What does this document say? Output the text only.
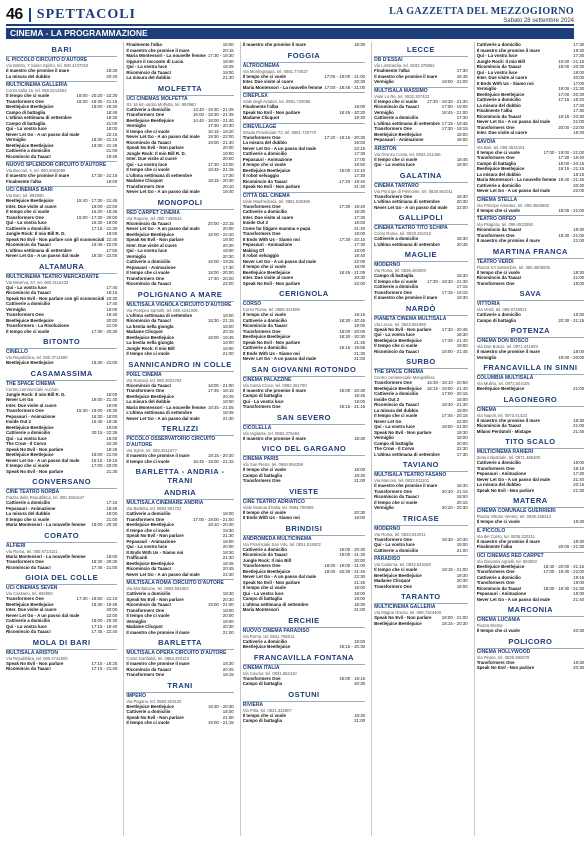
46 SPETTACOLI	LA GAZZETTA DEL MEZZOGIORNO
Sabato 28 settembre 2024
CINEMA - LA PROGRAMMAZIONE
BARI
IL PICCOLO CIRCUITO D'AUTORE
Via Bitritto, 7 Santo Spirito, tel. 080.4137018
Il maestro che promise il mare	18:30
La misura del dubbio	20:40
MULTICINEMA GALLERIA
Corso Italia 15, tel. 080.5214563
Il tempo che ci vuole	18:00 - 20:20 - 22:30
Transformers One	18:30 - 19:30 - 21:15
Beetlejuice Beetlejuice	18:00 - 20:30
Campo di battaglia	18:45
L'ultima settimana di settembre	18:30
Campo di battaglia	21:00
Qui - La vostra luce	18:00
Never Let Go - A un passo dal male	22:15
Vermiglio	18:30 - 21:15
Beetlejuice Beetlejuice	19:30 - 21:45
Cattiverie a domicilio	21:00
Ricomincio da Taaac!	19:45
NUOVO SPLENDOR CIRCUITO D'AUTORE
Via Buccari, 4, tel. 080.5583098
Il maestro che promise il mare	17:30 - 21:15
Finalmente l'alba	19:00
UCI CINEMAS BARI
Via Bari, tel. 892960
Beetlejuice Beetlejuice	15:40 - 17:30 - 21:45
Inter. Due visite al cuore	18:00 - 22:00
Il tempo che ci vuole	16:20 - 18:45
Transformers One	15:00 - 17:30 - 20:00
Qui - La vostra luce	16:30 - 19:00
Cattiverie a domicilio	17:15 - 21:30
Jungle Rock: Il mio Bill R. D.	19:00
Speak No Evil - Non parlare con gli sconosciuti 22:45
Ricomincio da Taaac!	19:45 - 22:00
L'ultima settimana di settembre	17:50
Never Let Go - A un passo dal male	19:30 - 22:00
ALTAMURA
MULTICINEMA TEATRO MERCADANTE
Via Minerva, 67, tel. 080.3115433
Qui - La vostra luce	17:40
Ricomincio da Taaac!	18:15
Speak No Evil - Non parlare con gli sconosciuti 20:30
Cattiverie a domicilio	17:40
Vermiglio	18:00
Transformers One	18:40
Beetlejuice Beetlejuice	20:00
Transformers - La Rivoluzione	21:00
Il tempo che ci vuole	17:30 - 20:30
BITONTO
CINELLO
Via Repubblica, tel. 080.3714680
Beetlejuice Beetlejuice	18:30 - 21:00
CASAMASSIMA
THE SPACE CINEMA
Centro commerciale Auchan
Jungle Rock: Il mio Bill R. D.	18:00
Never Let Go	19:00 - 21:40
Inter. Due visite al cuore	19:00
Transformers One	15:30 - 18:00 - 20:30
Pepasauri - Animazione	16:30 - 18:00
Inside Out 2	16:45 - 18:35
Beetlejuice Beetlejuice	19:00
Cattiverie a domicilio	20:15 - 22:35
Qui - La vostra luce	18:00
The Crow - Il Corvo	22:30
Speak No Evil - Non parlare	19:45
Beetlejuice Beetlejuice	18:00 - 21:00
Never Let Go - A un passo dal male	16:15 - 19:15
Il tempo che ci vuole	17:00 - 20:00
Speak No Evil - Non parlare	21:30
CONVERSANO
CINE TEATRO NORBA
Piazza della Repubblica, tel. 080.4951647
Cattiverie a domicilio	17:15
Pepasauri - Animazione	18:45
La misura del dubbio	19:00
Il tempo che ci vuole	21:00
Maria Montessori - La nouvelle femme	18:00 - 20:30
CORATO
ALFIERI
Via Roma, tel. 080.8723141
Maria Montessori - La nouvelle femme	18:00
Transformers One	18:30 - 20:30
Ricomincio da Taaac!	17:45 - 21:00
GIOIA DEL COLLE
UCI CINEMAS SEVEN
Via Cassano, tel. 892960
Transformers One	17:30 - 18:50 - 21:10
Beetlejuice Beetlejuice	18:30 - 19:45
Inter. Due visite al cuore	20:00
Never Let Go - A un passo dal male	22:00
Cattiverie a domicilio	18:00 - 20:30
Qui - La vostra luce	17:15 - 19:40
Ricomincio da Taaac!	17:45 - 22:40
MOLA DI BARI
MULTISALA ARISTON
Via Repubblica, tel. 080.4741600
Speak No Evil - Non parlare	17:15 - 19:25
Ricomincio da Taaac!	17:15 - 21:40
Finalmente l'alba	18:00
Il maestro che promise il mare	20:15
Maria Montessori - La nouvelle femme 17:30 - 19:30
Oppure il racconto di Lucia	18:00
Qui - La vostra luce	19:25
Ricomincio da Taaac!	19:00
La misura del dubbio	21:30
MOLFETTA
UCI CINEMAS MOLFETTA
SS 16 km uscita Molfetta, tel. 892960
Cattiverie a domicilio	14:40 - 19:30 - 21:45
Transformers One	16:00 - 18:30 - 21:45
Beetlejuice Beetlejuice	14:40 - 18:00 - 21:40
Vermiglio	17:30 - 20:30
Il tempo che ci vuole	16:15 - 18:20
Never Let Go - A un passo dal male	19:30 - 22:00
Ricomincio da Taaac!	19:00 - 21:40
Speak No Evil - Non parlare	20:00
Jungle Rock: Il mio Bill R. D.	19:00
Inter. Due visite al cuore	20:00
Qui - La vostra luce	17:30 - 22:00
Il tempo che ci vuole	18:45 - 21:15
L'ultima settimana di settembre	17:30
Madame Clicquot	18:15 - 20:30
Transformers One	20:10
Never Let Go - A un passo dal male	19:40
MONOPOLI
RED CARPET CINEMA
Via Rapone, tel. 080.7456544
Ricomincio da Taaac!	20:00 - 22:15
Never Let Go - A un passo dal male	20:00
Beetlejuice Beetlejuice	18:00 - 22:40
Speak No Evil - Non parlare	19:00
Inter. Due visite al cuore	20:30
Qui - La vostra luce	19:00
Vermiglio	20:30
Cattiverie a domicilio	18:00 - 19:25
Pepasauri - Animazione	17:30
Il tempo che ci vuole	18:00 - 20:00
Transformers One	17:40 - 20:20
Ricomincio da Taaac!	22:00
POLIGNANO A MARE
MULTISALA VIGNOLA CIRCUITO D'AUTORE
Via Pompeo Sarnelli, tel. 080.4241006
L'ultima settimana di settembre	18:00
Ricomincio da Taaac!	18:30 - 21:15
La bestia nella giungla	18:00
Madame Clicquot	20:15
Beetlejuice Beetlejuice	18:00 - 19:45
La bestia nella giungla	18:00
Jungle Rock: Il mio Bill	19:00
Il tempo che ci vuole	21:00
SANNICANDRO IN COLLE
PIXEL CINEMA
Via Romani, tel. 080.3022783
Ricomincio da Taaac!	18:00 - 21:00
Transformers One	17:45 - 18:15
Beetlejuice Beetlejuice	20:45
La misura del dubbio	18:00
Maria Montessori - La nouvelle femme 18:45 - 21:05
L'ultima settimana di settembre	18:45
Never Let Go - A un passo dal male	21:30
TERLIZZI
PICCOLO OSSERVATORIO CIRCUITO D'AUTORE
Via Sylos, tel. 080.3511677
Il maestro che promise il mare	18:15 - 20:30
Il tempo che ci vuole	16:45 - 19:00 - 21:15
BARLETTA - ANDRIA - TRANI
ANDRIA
MULTISALA CINEMARE ANDRIA
Via Barletta, tel. 0883.591722
Cattiverie a domicilio	18:00
Transformers One	17:00 - 19:00 - 21:00
Beetlejuice Beetlejuice	18:10 - 20:20
Il tempo che ci vuole	19:30
Speak No Evil - Non parlare	21:30
Pepasauri - Animazione	18:00
Qui - La vostra luce	20:00
It Ends With Us - Siamo noi	18:30
Trafficanti	21:30
Beetlejuice Beetlejuice	18:45
Ricomincio da Taaac!	20:45
Never Let Go - A un passo dal male	22:30
MULTISALA ROMA CIRCUITO D'AUTORE
Via Monfalcone, tel. 0883.561902
Cattiverie a domicilio	18:30
Speak No Evil - Non parlare	20:30
Ricomincio da Taaac!	19:00 - 21:00
Transformers One	18:00
Il tempo che ci vuole	20:00
Vermiglio	18:00
Madame Clicquot	20:30
Il maestro che promise il mare	21:00
BARLETTA
MULTISALA OPERA CIRCUITO D'AUTORE
Corso Garibaldi, tel. 0883.330123
Il maestro che promise il mare	18:30
Ricomincio da Taaac!	20:45
Transformers One	18:15
TRANI
IMPERO
Via Pagano, tel. 0883.503120
Beetlejuice Beetlejuice	18:30 - 20:30
Cattiverie a domicilio	18:00
Speak No Evil - Non parlare	21:00
Il tempo che ci vuole	19:00 - 21:15
Il maestro che promise il mare	18:30
FOGGIA
ALTROCINEMA
Via Montegrappa, tel. 0881.774827
Il tempo che ci vuole	17:00 - 19:00 - 21:00
Inter. Due visite al cuore	20:30
Maria Montessori - La nouvelle femme 17:00 - 18:45 - 21:00
CINEPLEX
Viale degli Aviatori, tel. 0881.720065
Finalmente l'alba	18:00
Speak No Evil - Non parlare	18:45 - 20:20
Madame Clicquot	19:20
CINEVILLAGE
Strada Provinciale 73, tel. 0881.720770
Transformers One	17:20 - 18:15 - 20:30
La misura del dubbio	19:00
Never Let Go - A un passo dal male	22:15
Cattiverie a domicilio	17:30
Pepasauri - Animazione	17:00
Il tempo che ci vuole	18:50
Beetlejuice Beetlejuice	18:00 - 22:10
Il robot selvaggio	17:30
Ricomincio da Taaac!	17:20 - 19:40
Speak No Evil - Non parlare	21:40
CITTÀ DEL CINEMA
Viale Manfredonia, tel. 0881.636366
Transformers One	17:30 - 19:40
Cattiverie a domicilio	18:30
Inter. Due visite al cuore	17:30
Inside Out 2	19:00
Come far litigare mamma e papà	21:40
Transformers One	19:00
It Ends With Us - Siamo noi	17:30 - 20:10
Pepasauri - Animazione	17:30
Making Of	18:00
Il robot selvaggio	19:40
Never Let Go - A un passo dal male	22:00
Il tempo che ci vuole	18:00
Beetlejuice Beetlejuice	18:45 - 21:05
Inter. Due visite al cuore	20:30
Speak No Evil - Non parlare	22:00
CERIGNOLA
CORSO
Corso Roma, tel. 0885.421906
Il tempo che ci vuole	18:15
Cattiverie a domicilio	18:30 - 20:45
Ricomincio da Taaac!	19:00
Transformers One	18:00 - 20:00
Beetlejuice Beetlejuice	18:30 - 20:30
Speak No Evil - Non parlare	21:45
Cattiverie a domicilio	18:15 - 19:55
It Ends With Us - Siamo noi	21:30
Never Let Go - A un passo dal male	21:00
SAN GIOVANNI ROTONDO
CINEMA PALAZZINE
Via Santa Croce, tel. 0882.451700
Il maestro che promise il mare	18:00 - 20:30
Campo di battaglia	18:45
Qui - La vostra luce	19:00
Transformers One	18:15 - 21:15
SAN SEVERO
CICOLELLA
Via Vigilante, tel. 0882.375484
Il maestro che promise il mare	18:30
VICO DEL GARGANO
CINEMA PARIS
Via San Pietro, tel. 0884.994359
Il tempo che ci vuole	18:00
Campo di battaglia	19:30
Transformers One	21:00
VIESTE
CINE TEATRO ADRIATICO
Viale Marinai d'Italia, tel. 0884.705955
Il tempo che ci vuole	20:30
It Ends With Us - Siamo noi	18:00
BRINDISI
ANDROMEDA MULTICINEMA
Via Provinciale San Vito, tel. 0831.518002
Cattiverie a domicilio	18:00 - 20:30
Ricomincio da Taaac!	19:00 - 21:30
Jungle Rock: Il mio Bill	20:00
Transformers One	18:00 - 19:00 - 21:00
Beetlejuice Beetlejuice	19:00 - 20:30 - 21:45
Never Let Go - A un passo dal male	22:30
Speak No Evil - Non parlare	21:45
Il tempo che ci vuole	18:00
Qui - La vostra luce	18:00
Campo di battaglia	19:00
L'ultima settimana di settembre	18:30
Maria Montessori	21:00
ERCHIE
NUOVO CINEMA PARADISO
Via Roma, tel. 0831.766614
Cattiverie a domicilio	19:00
Beetlejuice Beetlejuice	18:15 - 20:30
FRANCAVILLA FONTANA
CINEMA ITALIA
Via Cavour, tel. 0831.852410
Transformers One	18:00 - 19:15
Campo di battaglia	20:30
OSTUNI
RIVIERA
Via Pola, tel. 0831.332807
Il tempo che ci vuole	18:30
Campo di battaglia	21:00
LECCE
DB D'ESSAI
Via Lombardia, tel. 0832.378852
Finalmente l'alba	17:30
Il maestro che promise il mare	18:45
Vermiglio	19:00 - 21:00
MULTISALA MASSIMO
Viale Lo Re, tel. 0832.307433
Il tempo che ci vuole	17:30 - 19:30 - 21:30
Ricomincio da Taaac!	17:00 - 19:00
Vermiglio	18:45 - 21:00
Cattiverie a domicilio	17:30
L'ultima settimana di settembre 17:15 - 19:45
Transformers One	17:30 - 19:15
Beetlejuice Beetlejuice	18:00
Pepasauri - Animazione	18:00
ARISTON
Via Oronzo Costa, tel. 0832.241456
Il tempo che ci vuole	18:45
Qui - La vostra luce	19:00
GALATINA
CINEMA TARTARO
Via Principe di Piemonte, tel. 0836.561011
Transformers One	18:30
L'ultima settimana di settembre	20:30
Never Let Go - A un passo dal male	22:00
GALLIPOLI
CINEMA TEATRO TITO SCHIPA
Corso Roma, tel. 0833.261010
Cattiverie a domicilio	18:30
L'ultima settimana di settembre	20:45
MAGLIE
MODERNO
Via Roma, tel. 0836.484000
Campo di battaglia	18:30
Il tempo che ci vuole	17:30 - 19:30 - 21:30
Cattiverie a domicilio	17:15
Transformers One	17:15 - 19:15
Il maestro che promise il mare	19:30
NARDÒ
PIANETA CINEMA MULTISALA
Via Lecce, tel. 0833.561960
Speak No Evil - Non parlare	17:30 - 20:45
Qui - La vostra luce	18:30
Beetlejuice Beetlejuice	17:45 - 21:40
Il tempo che ci vuole	19:00
Ricomincio da Taaac!	19:00 - 21:45
SURBO
THE SPACE CINEMA
Centro commerciale Mongolfiera
Transformers One	15:30 - 18:10 - 20:50
Beetlejuice Beetlejuice	16:15 - 19:00 - 21:40
Cattiverie a domicilio	17:00 - 20:15
Inside Out 2	16:00
Ricomincio da Taaac!	18:40 - 21:30
La misura del dubbio	19:00
Il tempo che ci vuole	17:45 - 20:15
Never Let Go	22:00
Qui - La vostra luce	18:00 - 21:00
Speak No Evil - Non parlare	19:30
Vermiglio	18:00
Campo di battaglia	20:00
The Crow - Il Corvo	22:30
L'ultima settimana di settembre	17:30
TAVIANO
MULTISALA TEATRO FASANO
Via Marconi, tel. 0833.911102
Il maestro che promise il mare	18:30
Transformers One	20:40 - 21:15
Ricomincio da Taaac!	18:00
Il tempo che ci vuole	20:15
Vermiglio	20:20 - 20:30
TRICASE
MODERNO
Via Roma, tel. 0833.544011
Transformers One	18:30 - 20:30
Qui - La vostra luce	19:00
Cattiverie a domicilio	21:00
PARADISO
Via Cadorna, tel. 0833.543268
Il tempo che ci vuole	18:15 - 21:00
Beetlejuice Beetlejuice	19:30
Madame Clicquot	20:30
Transformers One	18:00
TARANTO
MULTICINEMA GALLERIA
Via Magna Grecia, tel. 099.7324400
Speak No Evil - Non parlare	18:00 - 21:00
Beetlejuice Beetlejuice	18:15 - 20:30
Cattiverie a domicilio	17:30
Il maestro che promise il mare	19:30
Qui - La vostra luce	17:30
Jungle Rock: Il mio Bill	16:00 - 21:15
Ricomincio da Taaac!	18:00 - 20:30
Qui - La vostra luce	19:00
Inter. Due visite al cuore	20:00
It Ends With Us - Siamo noi	17:00
Vermiglio	19:00 - 21:30
Beetlejuice Beetlejuice	17:00 - 20:30
Cattiverie a domicilio	17:15 - 19:20
La misura del dubbio	17:20
Finalmente l'alba	17:30
Ricomincio da Taaac!	18:15 - 20:30
Never Let Go - A un passo dal male	21:00
Transformers One	20:00 - 22:00
Inter. Due visite al cuore	18:30
SAVOIA
Via Bari, tel. 099.4532101
Il tempo che ci vuole	17:00 - 19:00 - 21:00
Transformers One	17:30 - 19:40
Campo di battaglia	18:00 - 20:15
Beetlejuice Beetlejuice	19:15 - 21:15
La misura del dubbio	18:15
Maria Montessori - La nouvelle femme 19:40 - 21:45
Cattiverie a domicilio	20:30
Never Let Go - A un passo dal male	22:00
CINEMA STELLA
Via Principe Amedeo, tel. 099.4593600
Il tempo che ci vuole	18:00 - 21:00
TEATRO ORFEO
Via Pitagora, tel. 099.4533590
Ricomincio da Taaac!	18:30
Transformers One	18:30 - 21:00
Il maestro che promise il mare	21:00
MARTINA FRANCA
TEATRO VERDI
Piazza XX Settembre, tel. 080.4805005
Il tempo che ci vuole	18:30
Ricomincio da Taaac!	21:00
Transformers One	18:00
SAVA
VITTORIA
Via Verdi, tel. 099.9726021
Cattiverie a domicilio	19:30
Campo di battaglia	20:30 - 21:15
POTENZA
CINEMA DON BOSCO
Via Don Bosco, tel. 0971.441903
Il maestro che promise il mare	18:00
Vermiglio	18:00 - 20:00
FRANCAVILLA IN SINNI
COLUMBIA MULTISALA
Via Mulino, tel. 0973.644105
Beetlejuice Beetlejuice	21:00
LAGONEGRO
CINEMA
Via Napoli, tel. 0973.41423
Il maestro che promise il mare	18:30
Ricomincio da Taaac!	21:00
Milano Perdutoli - Mixtape	21:45
TITO SCALO
MULTICINEMA RANIERI
Zona industriale, tel. 0971.485400
Cattiverie a domicilio	19:00
Transformers One	19:10
Pepasauri - Animazione	17:30
Never Let Go - A un passo dal male	21:40
La misura del dubbio	20:15
Speak No Evil - Non parlare	21:30
MATERA
CINEMA COMUNALE GUERRIERI
Piazza Vittorio Veneto, tel. 0835.256312
Il tempo che ci vuole	18:30
IL PICCOLO
Via del Corso, tel. 0835.330311
Il maestro che promise il mare	18:30
Finalmente l'alba	20:00 - 21:30
UCI CINEMAS RED CARPET
Via Giovanni Agnelli, tel. 892960
Beetlejuice Beetlejuice	18:40 - 20:00 - 21:15
Transformers One	17:00 - 19:30 - 22:00
Cattiverie a domicilio	19:15
Transformers One	19:00
Ricomincio da Taaac!	18:00 - 19:30 - 21:30
Pepasauri - Animazione	18:30
Never Let Go - A un passo dal male	21:40
MARCONIA
CINEMA LUCANIA
Piazza Elettra
Il tempo che ci vuole	20:30
POLICORO
CINEMA HOLLYWOOD
Via Pineto, tel. 0835.982878
Transformers One	18:30
Speak No Evil - Non parlare	20:30
